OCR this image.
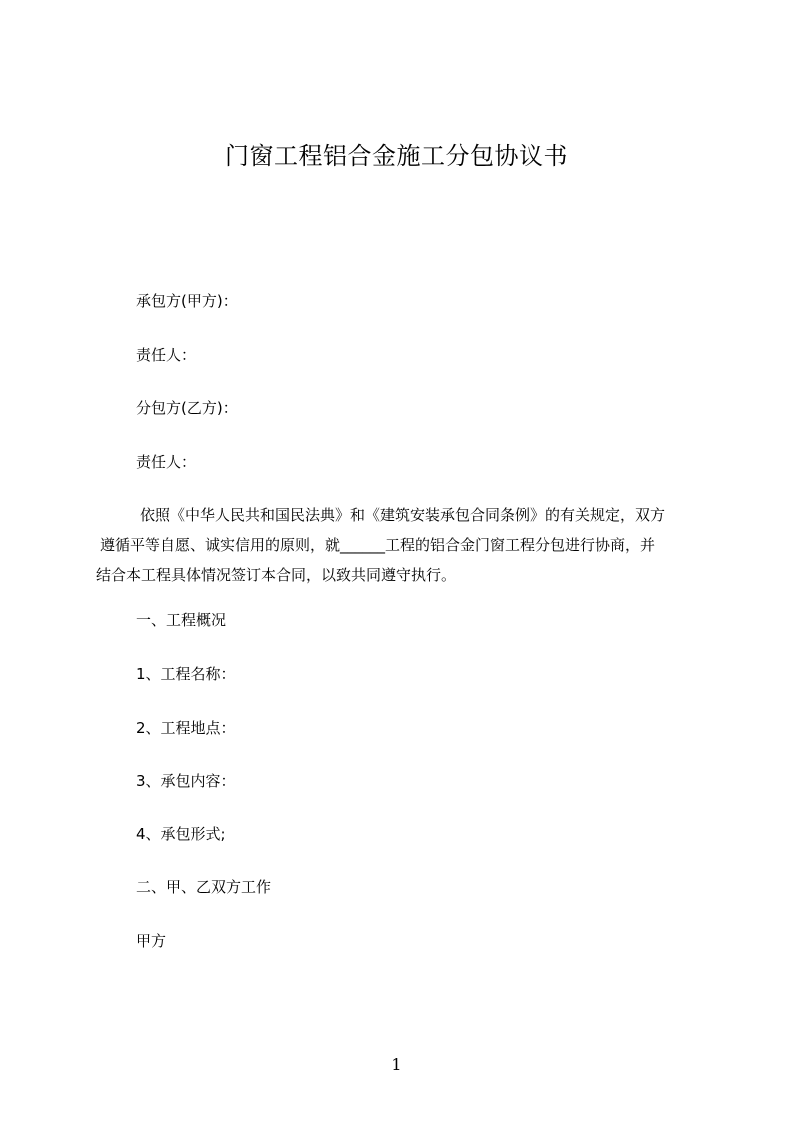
门窗工程铝合金施工分包协议书
承包方(甲方)：
责任人：
分包方(乙方)：
责任人：
依照《中华人民共和国民法典》和《建筑安装承包合同条例》的有关规定，双方
遵循平等自愿、诚实信用的原则，就______工程的铝合金门窗工程分包进行协商，并
结合本工程具体情况签订本合同，以致共同遵守执行。
一、工程概况
1、工程名称：
2、工程地点：
3、承包内容：
4、承包形式;
二、甲、乙双方工作
甲方
1
